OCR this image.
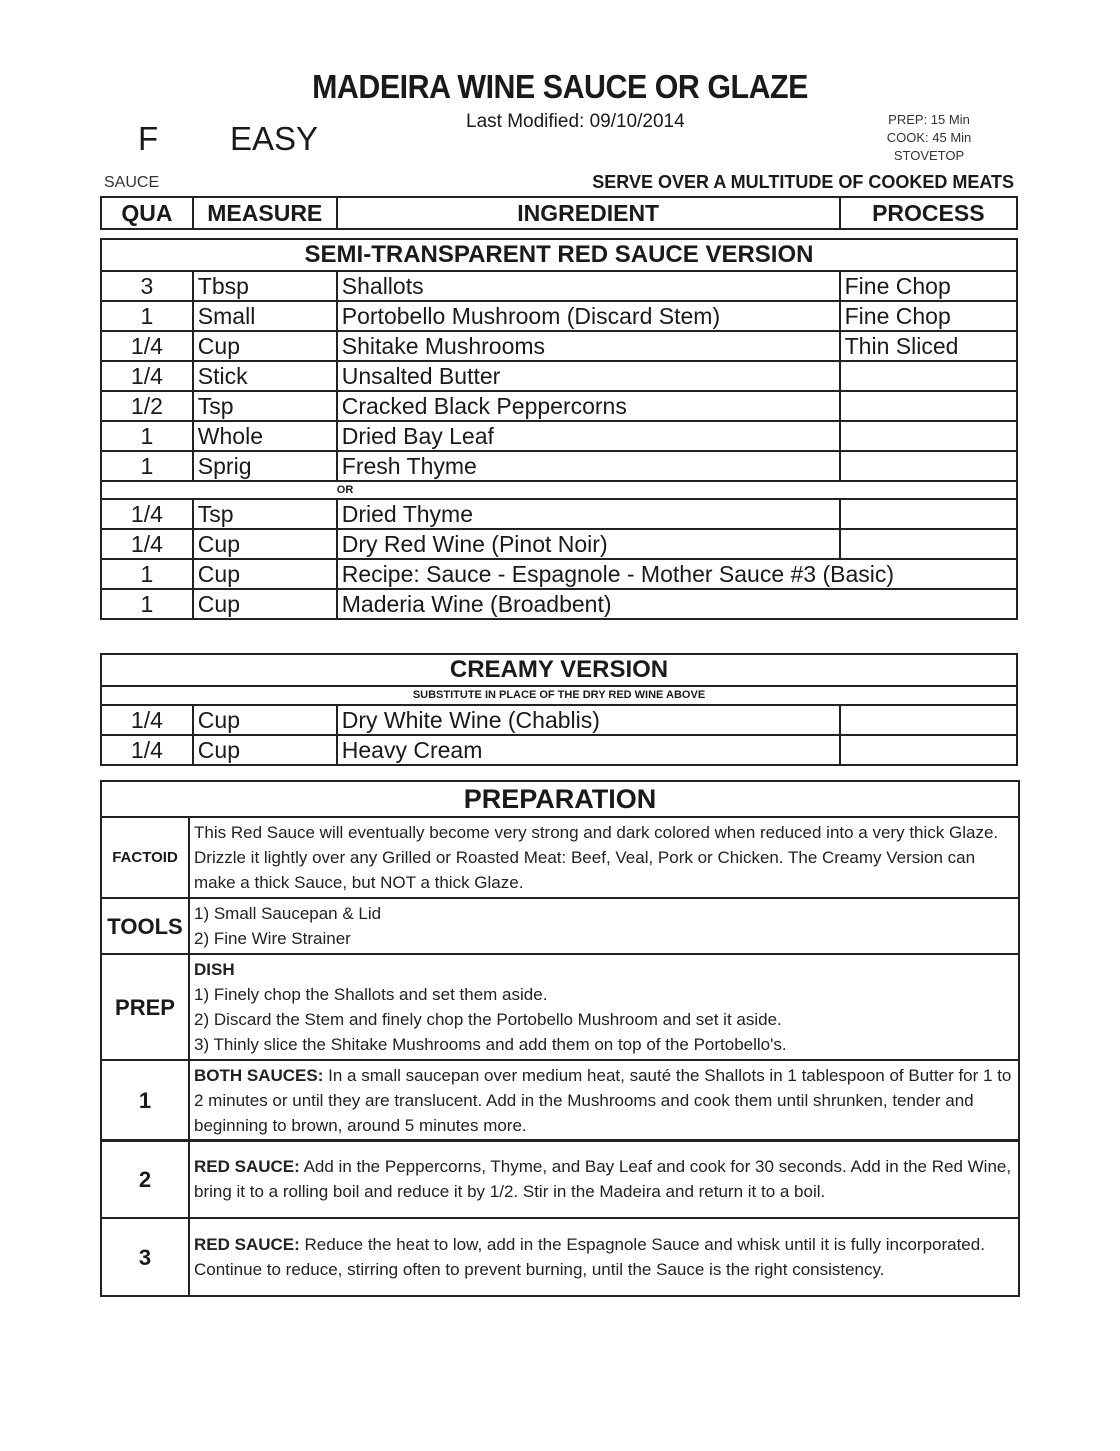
MADEIRA WINE SAUCE OR GLAZE
F EASY	Last Modified: 09/10/2014	PREP: 15 Min
COOK: 45 Min
STOVETOP
SAUCE	SERVE OVER A MULTITUDE OF COOKED MEATS
QUA	MEASURE	INGREDIENT	PROCESS
SEMI-TRANSPARENT RED SAUCE VERSION			
3	Tbsp	Shallots	Fine Chop
1	Small	Portobello Mushroom (Discard Stem)	Fine Chop
1/4	Cup	Shitake Mushrooms	Thin Sliced
1/4	Stick	Unsalted Butter	
1/2	Tsp	Cracked Black Peppercorns	
1	Whole	Dried Bay Leaf	
1	Sprig	Fresh Thyme	
		OR	
1/4	Tsp	Dried Thyme	
1/4	Cup	Dry Red Wine (Pinot Noir)	
1	Cup	Recipe: Sauce - Espagnole - Mother Sauce #3 (Basic)	
1	Cup	Maderia Wine (Broadbent)	
CREAMY VERSION			
SUBSTITUTE IN PLACE OF THE DRY RED WINE ABOVE			
1/4	Cup	Dry White Wine (Chablis)	
1/4	Cup	Heavy Cream	
PREPARATION	
FACTOID	This Red Sauce will eventually become very strong and dark colored when reduced into a very thick Glaze. Drizzle it lightly over any Grilled or Roasted Meat: Beef, Veal, Pork or Chicken. The Creamy Version can make a thick Sauce, but NOT a thick Glaze.
TOOLS	1) Small Saucepan & Lid
2) Fine Wire Strainer

PREP	DISH
1) Finely chop the Shallots and set them aside.
2) Discard the Stem and finely chop the Portobello Mushroom and set it aside.
3) Thinly slice the Shitake Mushrooms and add them on top of the Portobello's.

1	BOTH SAUCES: In a small saucepan over medium heat, sauté the Shallots in 1 tablespoon of Butter for 1 to 2 minutes or until they are translucent. Add in the Mushrooms and cook them until shrunken, tender and beginning to brown, around 5 minutes more.
2	RED SAUCE: Add in the Peppercorns, Thyme, and Bay Leaf and cook for 30 seconds. Add in the Red Wine, bring it to a rolling boil and reduce it by 1/2. Stir in the Madeira and return it to a boil.
3	RED SAUCE: Reduce the heat to low, add in the Espagnole Sauce and whisk until it is fully incorporated. Continue to reduce, stirring often to prevent burning, until the Sauce is the right consistency.
